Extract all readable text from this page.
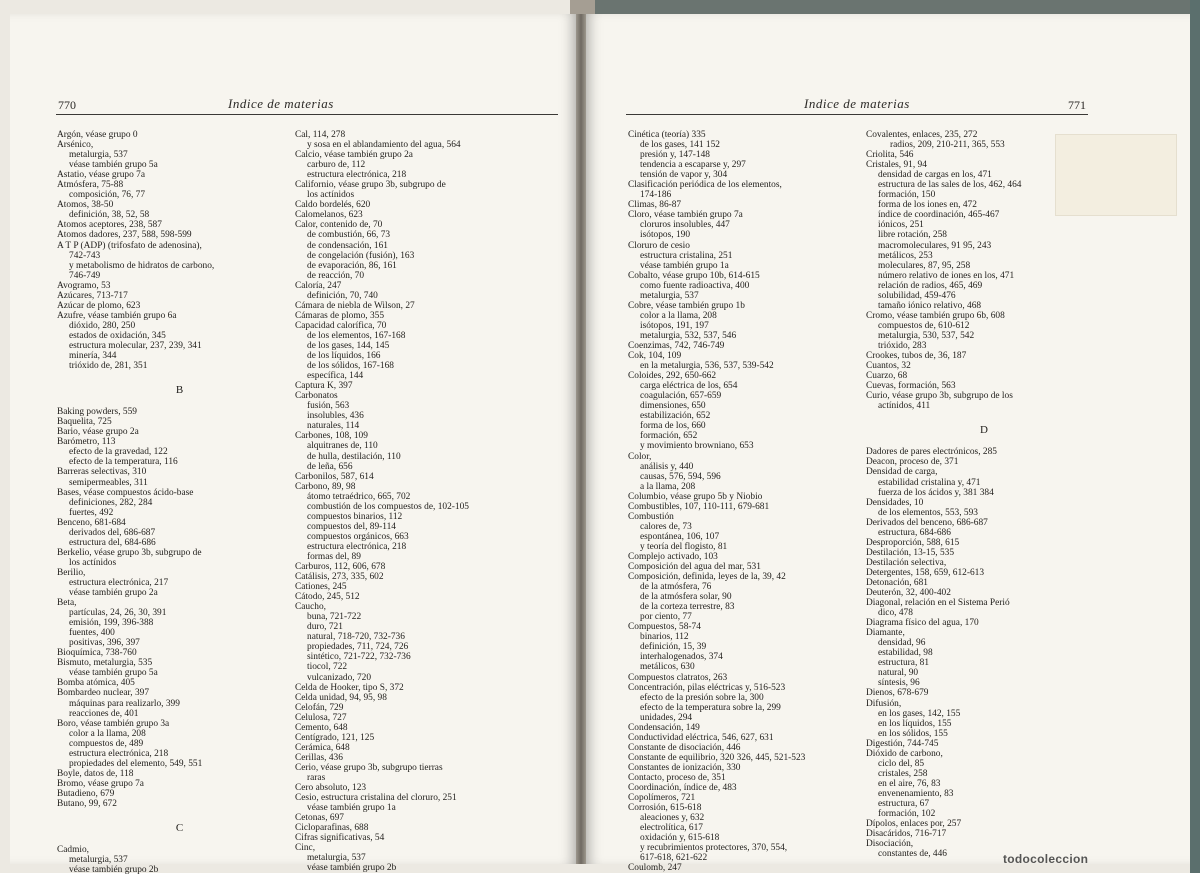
770	Indice de materias
Argón, véase grupo 0
Arsénico,
metalurgia, 537
véase también grupo 5a
Astatio, véase grupo 7a
Atmósfera, 75-88
composición, 76, 77
Atomos, 38-50
definición, 38, 52, 58
Atomos aceptores, 238, 587
Atomos dadores, 237, 588, 598-599
A T P (ADP) (trifosfato de adenosina),
742-743
y metabolismo de hidratos de carbono,
746-749
Avogramo, 53
Azúcares, 713-717
Azúcar de plomo, 623
Azufre, véase también grupo 6a
dióxido, 280, 250
estados de oxidación, 345
estructura molecular, 237, 239, 341
minería, 344
trióxido de, 281, 351
B
Baking powders, 559
Baquelita, 725
Bario, véase grupo 2a
Barómetro, 113
efecto de la gravedad, 122
efecto de la temperatura, 116
Barreras selectivas, 310
semipermeables, 311
Bases, véase compuestos ácido-base
definiciones, 282, 284
fuertes, 492
Benceno, 681-684
derivados del, 686-687
estructura del, 684-686
Berkelio, véase grupo 3b, subgrupo de
los actínidos
Berilio,
estructura electrónica, 217
véase también grupo 2a
Beta,
partículas, 24, 26, 30, 391
emisión, 199, 396-388
fuentes, 400
positivas, 396, 397
Bioquímica, 738-760
Bismuto, metalurgia, 535
véase también grupo 5a
Bomba atómica, 405
Bombardeo nuclear, 397
máquinas para realizarlo, 399
reacciones de, 401
Boro, véase también grupo 3a
color a la llama, 208
compuestos de, 489
estructura electrónica, 218
propiedades del elemento, 549, 551
Boyle, datos de, 118
Bromo, véase grupo 7a
Butadieno, 679
Butano, 99, 672
C
Cadmio,
metalurgia, 537
véase también grupo 2b
Cal, 114, 278
y sosa en el ablandamiento del agua, 564
Calcio, véase también grupo 2a
carburo de, 112
estructura electrónica, 218
Californio, véase grupo 3b, subgrupo de
los actínidos
Caldo bordelés, 620
Calomelanos, 623
Calor, contenido de, 70
de combustión, 66, 73
de condensación, 161
de congelación (fusión), 163
de evaporación, 86, 161
de reacción, 70
Caloría, 247
definición, 70, 740
Cámara de niebla de Wilson, 27
Cámaras de plomo, 355
Capacidad calorífica, 70
de los elementos, 167-168
de los gases, 144, 145
de los líquidos, 166
de los sólidos, 167-168
específica, 144
Captura K, 397
Carbonatos
fusión, 563
insolubles, 436
naturales, 114
Carbones, 108, 109
alquitranes de, 110
de hulla, destilación, 110
de leña, 656
Carbonilos, 587, 614
Carbono, 89, 98
átomo tetraédrico, 665, 702
combustión de los compuestos de, 102-105
compuestos binarios, 112
compuestos del, 89-114
compuestos orgánicos, 663
estructura electrónica, 218
formas del, 89
Carburos, 112, 606, 678
Catálisis, 273, 335, 602
Cationes, 245
Cátodo, 245, 512
Caucho,
buna, 721-722
duro, 721
natural, 718-720, 732-736
propiedades, 711, 724, 726
sintético, 721-722, 732-736
tiocol, 722
vulcanizado, 720
Celda de Hooker, tipo S, 372
Celda unidad, 94, 95, 98
Celofán, 729
Celulosa, 727
Cemento, 648
Centígrado, 121, 125
Cerámica, 648
Cerillas, 436
Cerio, véase grupo 3b, subgrupo tierras
raras
Cero absoluto, 123
Cesio, estructura cristalina del cloruro, 251
véase también grupo 1a
Cetonas, 697
Cicloparafinas, 688
Cifras significativas, 54
Cinc,
metalurgia, 537
véase también grupo 2b
Indice de materias	771
Cinética (teoría) 335
de los gases, 141 152
presión y, 147-148
tendencia a escaparse y, 297
tensión de vapor y, 304
Clasificación periódica de los elementos,
174-186
Climas, 86-87
Cloro, véase también grupo 7a
cloruros insolubles, 447
isótopos, 190
Cloruro de cesio
estructura cristalina, 251
véase también grupo 1a
Cobalto, véase grupo 10b, 614-615
como fuente radioactiva, 400
metalurgia, 537
Cobre, véase también grupo 1b
color a la llama, 208
isótopos, 191, 197
metalurgia, 532, 537, 546
Coenzimas, 742, 746-749
Cok, 104, 109
en la metalurgia, 536, 537, 539-542
Coloides, 292, 650-662
carga eléctrica de los, 654
coagulación, 657-659
dimensiones, 650
estabilización, 652
forma de los, 660
formación, 652
y movimiento browniano, 653
Color,
análisis y, 440
causas, 576, 594, 596
a la llama, 208
Columbio, véase grupo 5b y Niobio
Combustibles, 107, 110-111, 679-681
Combustión
calores de, 73
espontánea, 106, 107
y teoría del flogisto, 81
Complejo activado, 103
Composición del agua del mar, 531
Composición, definida, leyes de la, 39, 42
de la atmósfera, 76
de la atmósfera solar, 90
de la corteza terrestre, 83
por ciento, 77
Compuestos, 58-74
binarios, 112
definición, 15, 39
interhalogenados, 374
metálicos, 630
Compuestos clatratos, 263
Concentración, pilas eléctricas y, 516-523
efecto de la presión sobre la, 300
efecto de la temperatura sobre la, 299
unidades, 294
Condensación, 149
Conductividad eléctrica, 546, 627, 631
Constante de disociación, 446
Constante de equilibrio, 320 326, 445, 521-523
Constantes de ionización, 330
Contacto, proceso de, 351
Coordinación, índice de, 483
Copolímeros, 721
Corrosión, 615-618
aleaciones y, 632
electrolítica, 617
oxidación y, 615-618
y recubrimientos protectores, 370, 554,
617-618, 621-622
Coulomb, 247
Covalentes, enlaces, 235, 272
radios, 209, 210-211, 365, 553
Criolita, 546
Cristales, 91, 94
densidad de cargas en los, 471
estructura de las sales de los, 462, 464
formación, 150
forma de los iones en, 472
índice de coordinación, 465-467
iónicos, 251
libre rotación, 258
macromoleculares, 91 95, 243
metálicos, 253
moleculares, 87, 95, 258
número relativo de iones en los, 471
relación de radios, 465, 469
solubilidad, 459-476
tamaño iónico relativo, 468
Cromo, véase también grupo 6b, 608
compuestos de, 610-612
metalurgia, 530, 537, 542
trióxido, 283
Crookes, tubos de, 36, 187
Cuantos, 32
Cuarzo, 68
Cuevas, formación, 563
Curio, véase grupo 3b, subgrupo de los
actínidos, 411
D
Dadores de pares electrónicos, 285
Deacon, proceso de, 371
Densidad de carga,
estabilidad cristalina y, 471
fuerza de los ácidos y, 381 384
Densidades, 10
de los elementos, 553, 593
Derivados del benceno, 686-687
estructura, 684-686
Desproporción, 588, 615
Destilación, 13-15, 535
Destilación selectiva,
Detergentes, 158, 659, 612-613
Detonación, 681
Deuterón, 32, 400-402
Diagonal, relación en el Sistema Perió
dico, 478
Diagrama físico del agua, 170
Diamante,
densidad, 96
estabilidad, 98
estructura, 81
natural, 90
síntesis, 96
Dienos, 678-679
Difusión,
en los gases, 142, 155
en los líquidos, 155
en los sólidos, 155
Digestión, 744-745
Dióxido de carbono,
ciclo del, 85
cristales, 258
en el aire, 76, 83
envenenamiento, 83
estructura, 67
formación, 102
Dípolos, enlaces por, 257
Disacáridos, 716-717
Disociación,
constantes de, 446	todocoleccion
